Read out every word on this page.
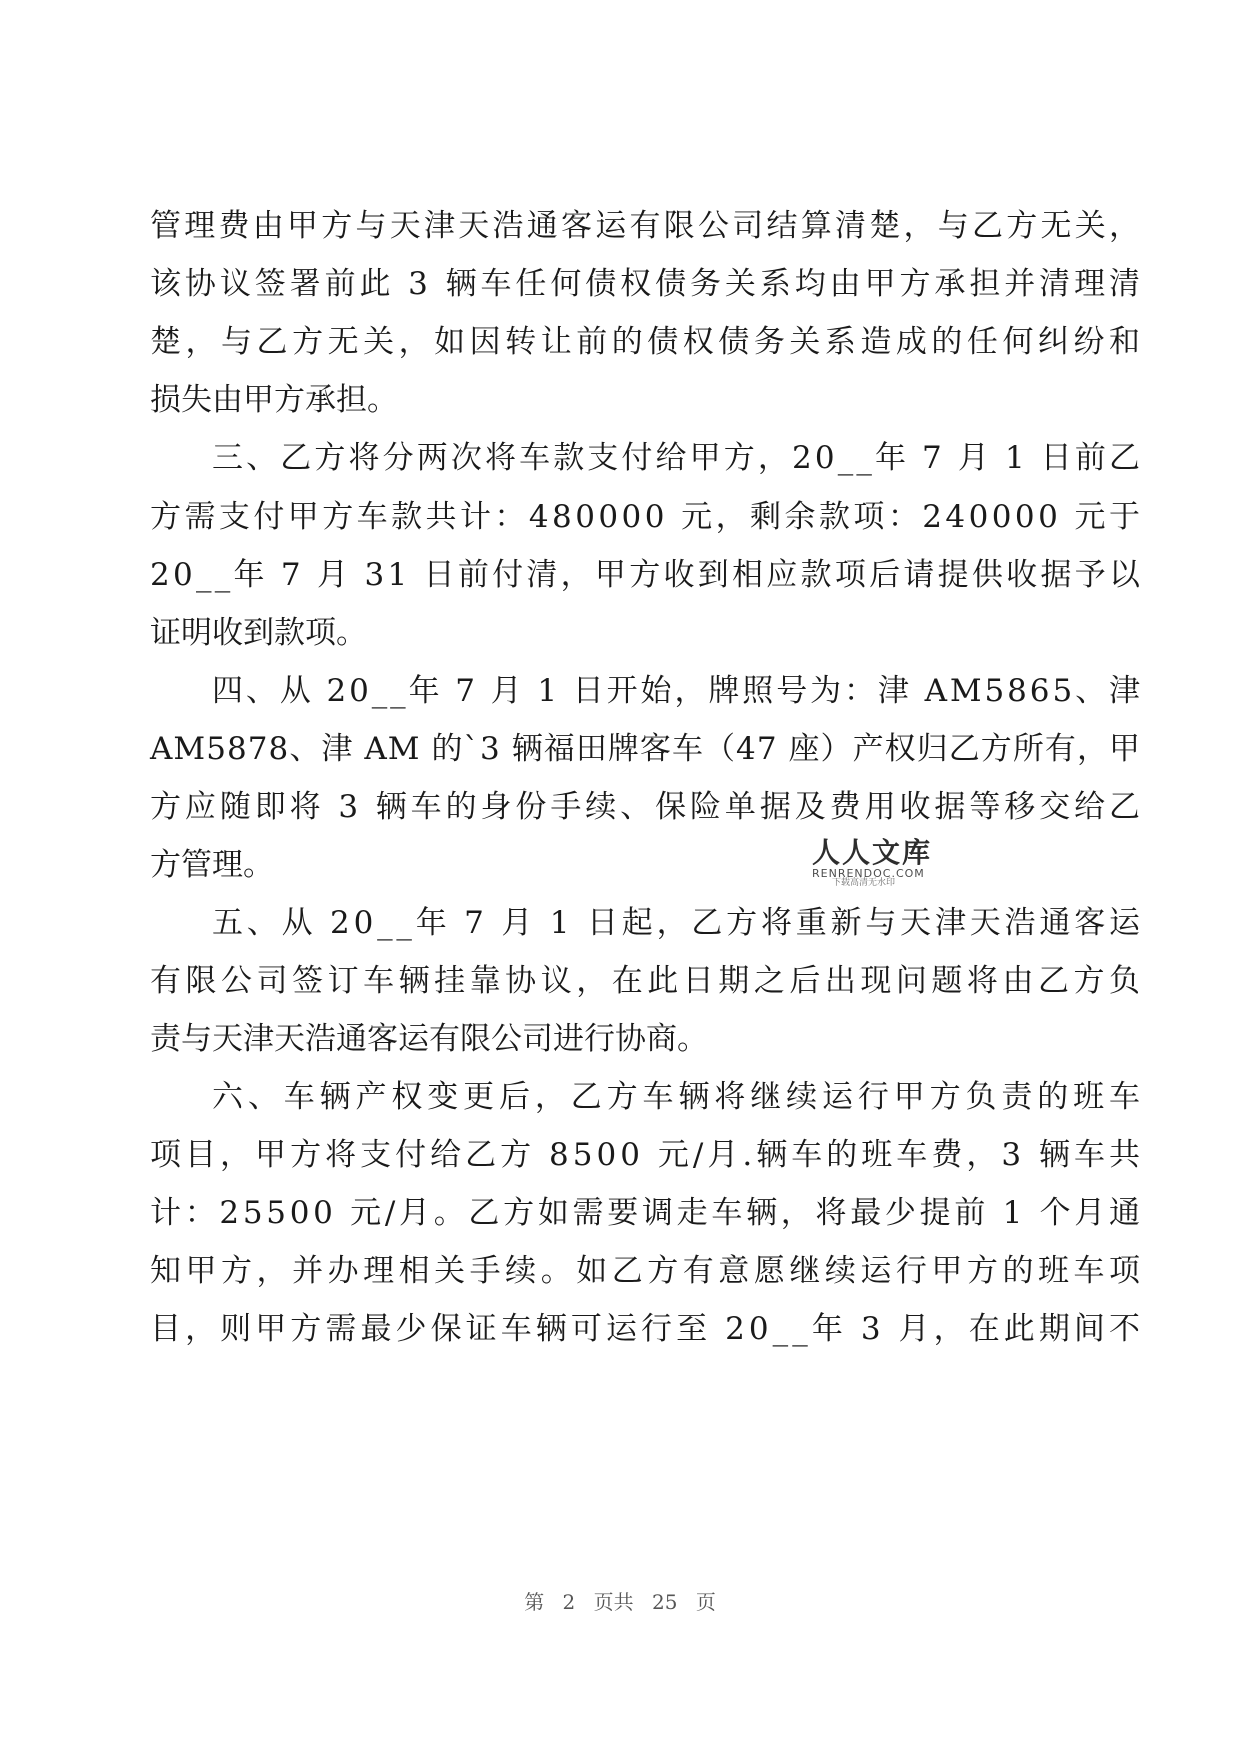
管理费由甲方与天津天浩通客运有限公司结算清楚，与乙方无关，
该协议签署前此 3 辆车任何债权债务关系均由甲方承担并清理清
楚，与乙方无关，如因转让前的债权债务关系造成的任何纠纷和
损失由甲方承担。
三、乙方将分两次将车款支付给甲方，20__年 7 月 1 日前乙
方需支付甲方车款共计：480000 元，剩余款项：240000 元于
20__年 7 月 31 日前付清，甲方收到相应款项后请提供收据予以
证明收到款项。
四、从 20__年 7 月 1 日开始，牌照号为：津 AM5865、津
AM5878、津 AM 的`3 辆福田牌客车（47 座）产权归乙方所有，甲
方应随即将 3 辆车的身份手续、保险单据及费用收据等移交给乙
方管理。
五、从 20__年 7 月 1 日起，乙方将重新与天津天浩通客运
有限公司签订车辆挂靠协议，在此日期之后出现问题将由乙方负
责与天津天浩通客运有限公司进行协商。
六、车辆产权变更后，乙方车辆将继续运行甲方负责的班车
项目，甲方将支付给乙方 8500 元/月.辆车的班车费，3 辆车共
计：25500 元/月。乙方如需要调走车辆，将最少提前 1 个月通
知甲方，并办理相关手续。如乙方有意愿继续运行甲方的班车项
目，则甲方需最少保证车辆可运行至 20__年 3 月，在此期间不
人人文库
RENRENDOC.COM
下载高清无水印
第 2 页共 25 页
